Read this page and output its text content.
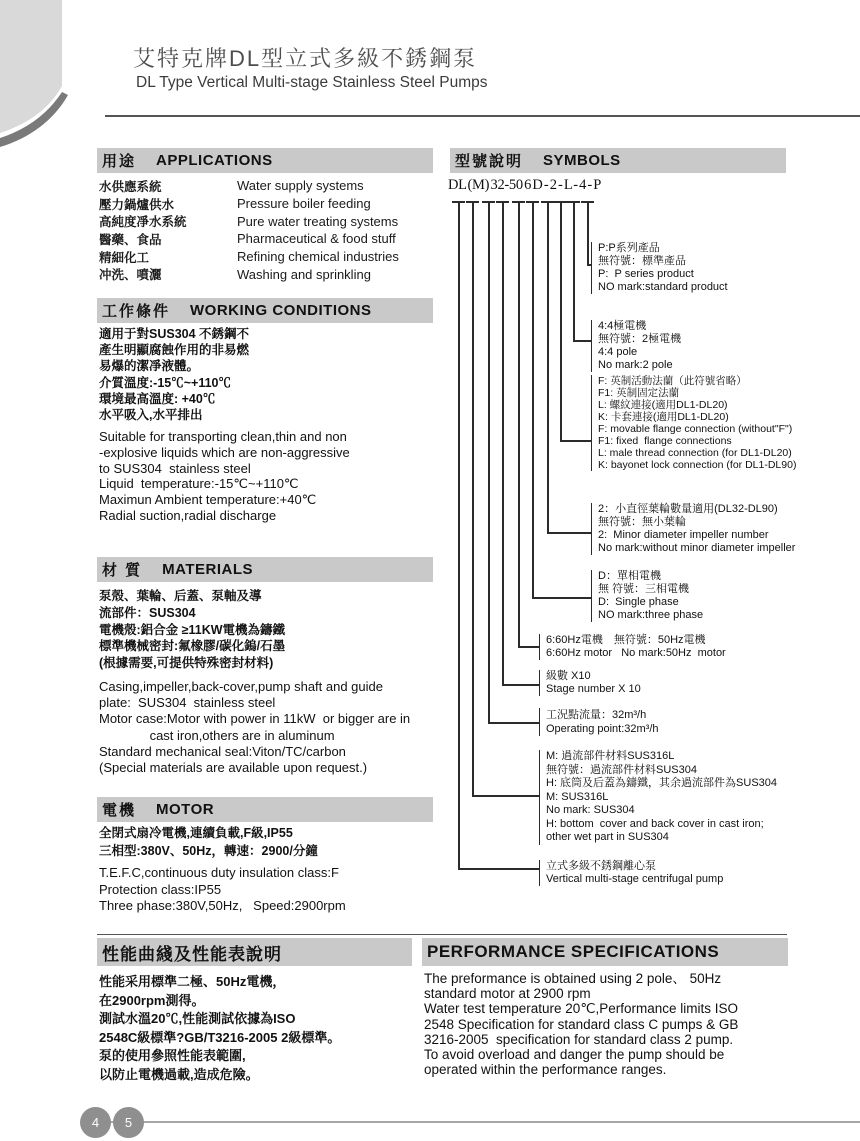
艾特克牌DL型立式多級不銹鋼泵
DL Type Vertical Multi-stage Stainless Steel Pumps
用途 APPLICATIONS
水供應系統	Water supply systems
壓力鍋爐供水	Pressure boiler feeding
高純度凈水系統	Pure water treating systems
醫藥、食品	Pharmaceutical & food stuff
精細化工	Refining chemical industries
冲洗、噴灑	Washing and sprinkling
工作條件 WORKING CONDITIONS
適用于對SUS304 不銹鋼不
產生明顯腐蝕作用的非易燃
易爆的潔凈液體。
介質溫度:-15℃~+110℃
環境最高溫度: +40℃
水平吸入,水平排出
Suitable for transporting clean,thin and non
-explosive liquids which are non-aggressive
to SUS304  stainless steel
Liquid  temperature:-15℃~+110℃
Maximun Ambient temperature:+40℃
Radial suction,radial discharge
材 質 MATERIALS
泵殼、葉輪、后蓋、泵軸及導
流部件：SUS304
電機殼:鋁合金 ≥11KW電機為鑄鐵
標準機械密封:氟橡膠/碳化鎢/石墨
(根據需要,可提供特殊密封材料)
Casing,impeller,back-cover,pump shaft and guide
plate:  SUS304  stainless steel
Motor case:Motor with power in 11kW  or bigger are in
cast iron,others are in aluminum
Standard mechanical seal:Viton/TC/carbon
(Special materials are available upon request.)
電機 MOTOR
全閉式扇冷電機,連續負載,F級,IP55
三相型:380V、50Hz，轉速：2900/分鐘
T.E.F.C,continuous duty insulation class:F
Protection class:IP55
Three phase:380V,50Hz,   Speed:2900rpm
型號說明 SYMBOLS
DL (M) 32-50 6 D - 2 - L - 4 - P
P:P系列產品
無符號：標準產品
P:  P series product
NO mark:standard product
4:4極電機
無符號：2極電機
4:4 pole
No mark:2 pole
F: 英制活動法蘭（此符號省略）
F1: 英制固定法蘭
L: 螺紋連接(適用DL1-DL20)
K: 卡套連接(適用DL1-DL20)
F: movable flange connection (without"F")
F1: fixed  flange connections
L: male thread connection (for DL1-DL20)
K: bayonet lock connection (for DL1-DL90)
2：小直徑葉輪數量適用(DL32-DL90)
無符號：無小葉輪
2:  Minor diameter impeller number
No mark:without minor diameter impeller
D：單相電機
無 符號：三相電機
D:  Single phase
NO mark:three phase
6:60Hz電機　無符號：50Hz電機
6:60Hz motor   No mark:50Hz  motor
級數 X10
Stage number X 10
工況點流量：32m³/h
Operating point:32m³/h
M: 過流部件材料SUS316L
無符號：過流部件材料SUS304
H: 底筒及后蓋為鑄鐵，其余過流部件為SUS304
M: SUS316L
No mark: SUS304
H: bottom  cover and back cover in cast iron;
other wet part in SUS304
立式多級不銹鋼離心泵
Vertical multi-stage centrifugal pump
性能曲綫及性能表說明	PERFORMANCE SPECIFICATIONS
性能采用標準二極、50Hz電機，
在2900rpm測得。
測試水溫20℃,性能測試依據為ISO
2548C級標準?GB/T3216-2005 2級標準。
泵的使用參照性能表範圍,
以防止電機過載,造成危險。
The preformance is obtained using 2 pole、 50Hz
standard motor at 2900 rpm
Water test temperature 20℃,Performance limits ISO
2548 Specification for standard class C pumps & GB
3216-2005  specification for standard class 2 pump.
To avoid overload and danger the pump should be
operated within the performance ranges.
4	5
